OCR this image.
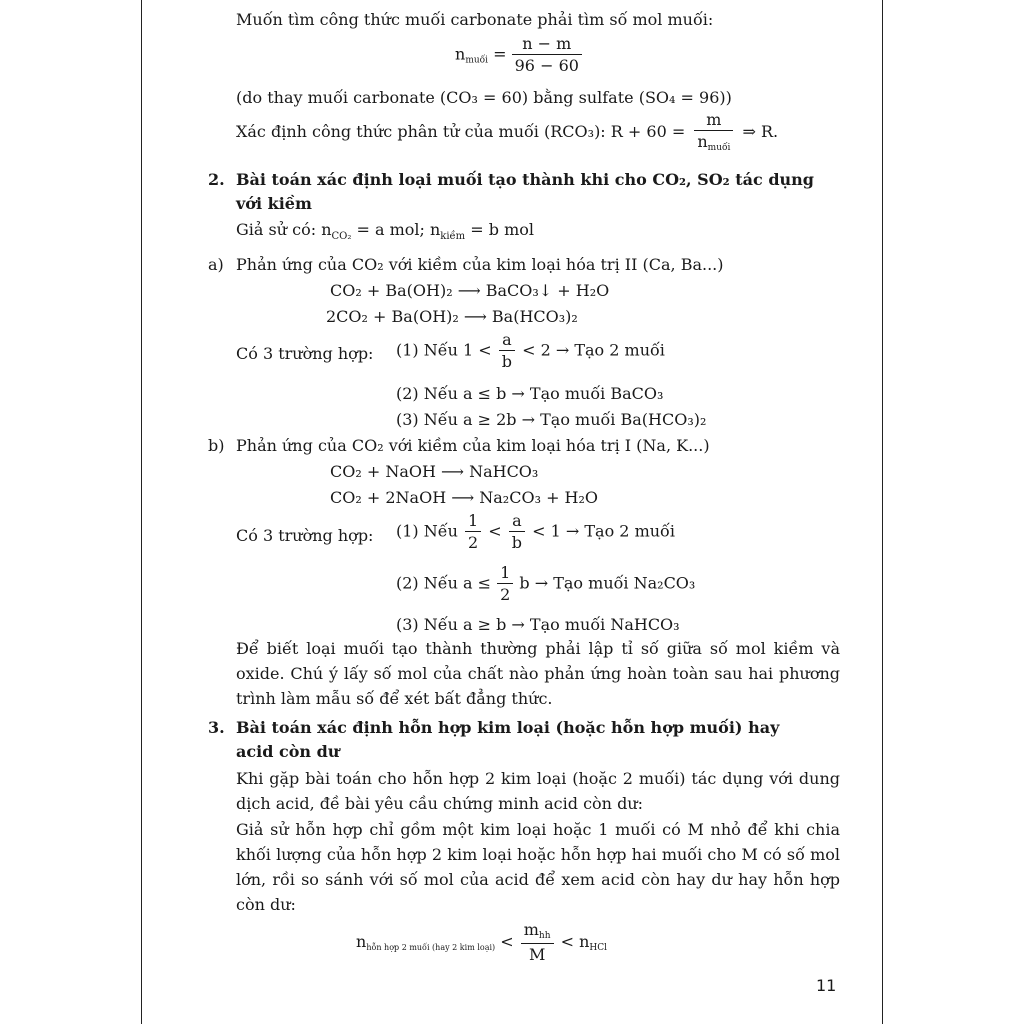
Muốn tìm công thức muối carbonate phải tìm số mol muối:
$n_{muối} = \frac{n - m}{96 - 60}$
(do thay muối carbonate (CO₃ = 60) bằng sulfate (SO₄ = 96))
Xác định công thức phân tử của muối (RCO₃): $R + 60 = \frac{m}{n_{muối}}$ ⇒ R.
2. Bài toán xác định loại muối tạo thành khi cho CO₂, SO₂ tác dụng
với kiềm
Giả sử có: $n_{CO_2} = a$ mol; $n_{kiềm} = b$ mol
a) Phản ứng của CO₂ với kiềm của kim loại hóa trị II (Ca, Ba...)
CO₂ + Ba(OH)₂ ⟶ BaCO₃↓ + H₂O
2CO₂ + Ba(OH)₂ ⟶ Ba(HCO₃)₂
Có 3 trường hợp: (1) Nếu $1 < \frac{a}{b} < 2$ → Tạo 2 muối
(2) Nếu a ≤ b → Tạo muối BaCO₃
(3) Nếu a ≥ 2b → Tạo muối Ba(HCO₃)₂
b) Phản ứng của CO₂ với kiềm của kim loại hóa trị I (Na, K...)
CO₂ + NaOH ⟶ NaHCO₃
CO₂ + 2NaOH ⟶ Na₂CO₃ + H₂O
Có 3 trường hợp: (1) Nếu $\frac{1}{2} < \frac{a}{b} < 1$ → Tạo 2 muối
(2) Nếu $a \le \frac{1}{2}$ b → Tạo muối Na₂CO₃
(3) Nếu a ≥ b → Tạo muối NaHCO₃
Để biết loại muối tạo thành thường phải lập tỉ số giữa số mol kiềm và oxide. Chú ý lấy số mol của chất nào phản ứng hoàn toàn sau hai phương trình làm mẫu số để xét bất đẳng thức.
3. Bài toán xác định hỗn hợp kim loại (hoặc hỗn hợp muối) hay
acid còn dư
Khi gặp bài toán cho hỗn hợp 2 kim loại (hoặc 2 muối) tác dụng với dung dịch acid, đề bài yêu cầu chứng minh acid còn dư:
Giả sử hỗn hợp chỉ gồm một kim loại hoặc 1 muối có M nhỏ để khi chia khối lượng của hỗn hợp 2 kim loại hoặc hỗn hợp hai muối cho M có số mol lớn, rồi so sánh với số mol của acid để xem acid còn hay dư hay hỗn hợp còn dư:
$n_{hỗn hợp 2 muối (hay 2 kim loại)} < \frac{m_{hh}}{M} < n_{HCl}$
11
